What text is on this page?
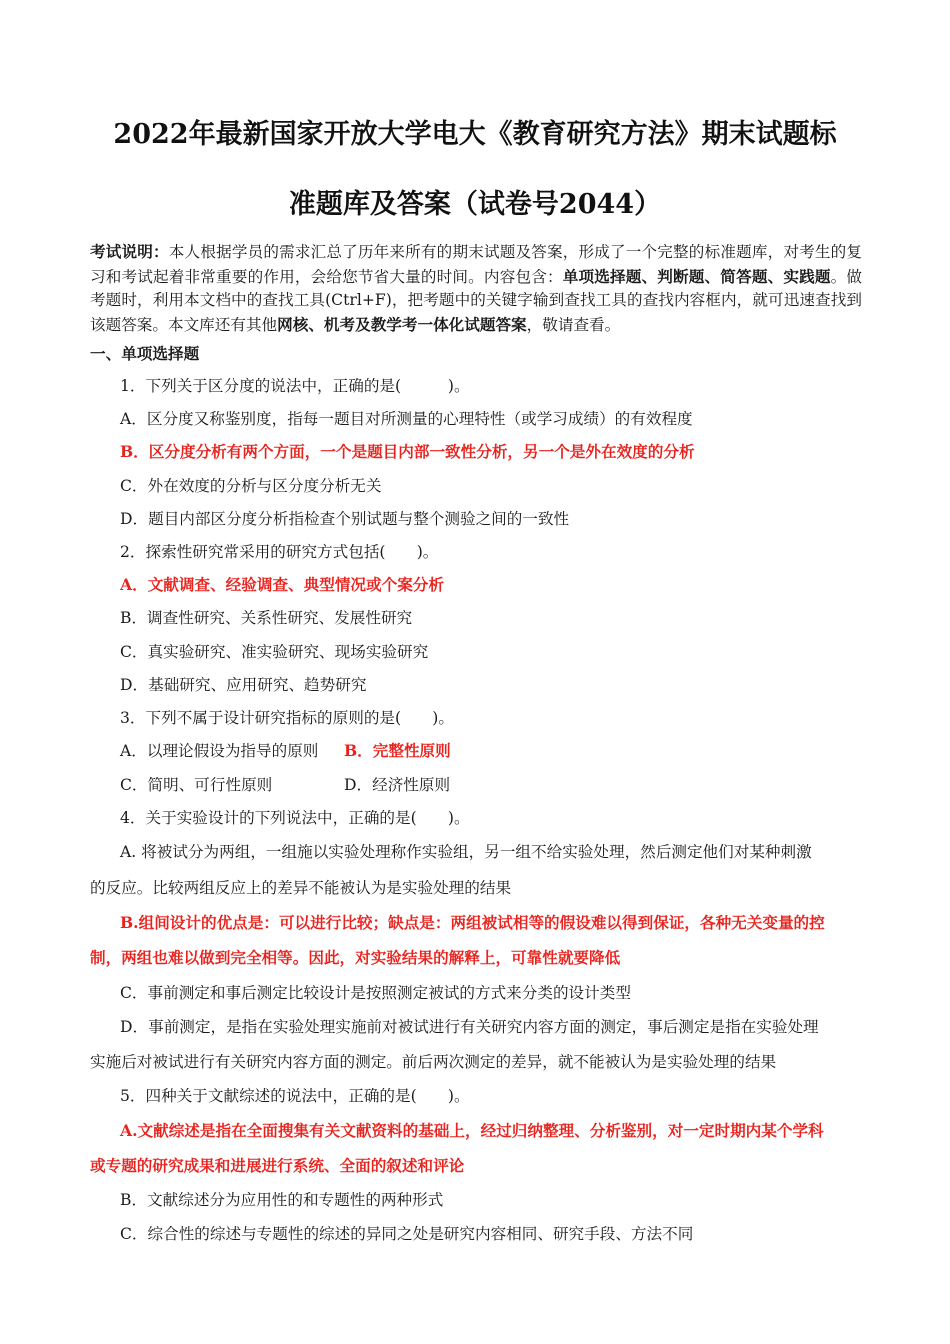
2022年最新国家开放大学电大《教育研究方法》期末试题标
准题库及答案（试卷号2044）
考试说明：本人根据学员的需求汇总了历年来所有的期末试题及答案，形成了一个完整的标准题库，对考生的复习和考试起着非常重要的作用，会给您节省大量的时间。内容包含：单项选择题、判断题、简答题、实践题。做考题时，利用本文档中的查找工具(Ctrl+F)，把考题中的关键字输到查找工具的查找内容框内，就可迅速查找到该题答案。本文库还有其他网核、机考及教学考一体化试题答案，敬请查看。
一、单项选择题
1．下列关于区分度的说法中，正确的是(　　　)。
A．区分度又称鉴别度，指每一题目对所测量的心理特性（或学习成绩）的有效程度
B．区分度分析有两个方面，一个是题目内部一致性分析，另一个是外在效度的分析
C．外在效度的分析与区分度分析无关
D．题目内部区分度分析指检查个别试题与整个测验之间的一致性
2．探索性研究常采用的研究方式包括(　　)。
A．文献调查、经验调查、典型情况或个案分析
B．调查性研究、关系性研究、发展性研究
C．真实验研究、准实验研究、现场实验研究
D．基础研究、应用研究、趋势研究
3．下列不属于设计研究指标的原则的是(　　)。
A．以理论假设为指导的原则 B．完整性原则
C．简明、可行性原则	D．经济性原则
4．关于实验设计的下列说法中，正确的是(　　)。
A. 将被试分为两组，一组施以实验处理称作实验组，另一组不给实验处理，然后测定他们对某种刺激
的反应。比较两组反应上的差异不能被认为是实验处理的结果
B.组间设计的优点是：可以进行比较；缺点是：两组被试相等的假设难以得到保证，各种无关变量的控
制，两组也难以做到完全相等。因此，对实验结果的解释上，可靠性就要降低
C．事前测定和事后测定比较设计是按照测定被试的方式来分类的设计类型
D．事前测定，是指在实验处理实施前对被试进行有关研究内容方面的测定，事后测定是指在实验处理
实施后对被试进行有关研究内容方面的测定。前后两次测定的差异，就不能被认为是实验处理的结果
5．四种关于文献综述的说法中，正确的是(　　)。
A.文献综述是指在全面搜集有关文献资料的基础上，经过归纳整理、分析鉴别，对一定时期内某个学科
或专题的研究成果和进展进行系统、全面的叙述和评论
B．文献综述分为应用性的和专题性的两种形式
C．综合性的综述与专题性的综述的异同之处是研究内容相同、研究手段、方法不同
